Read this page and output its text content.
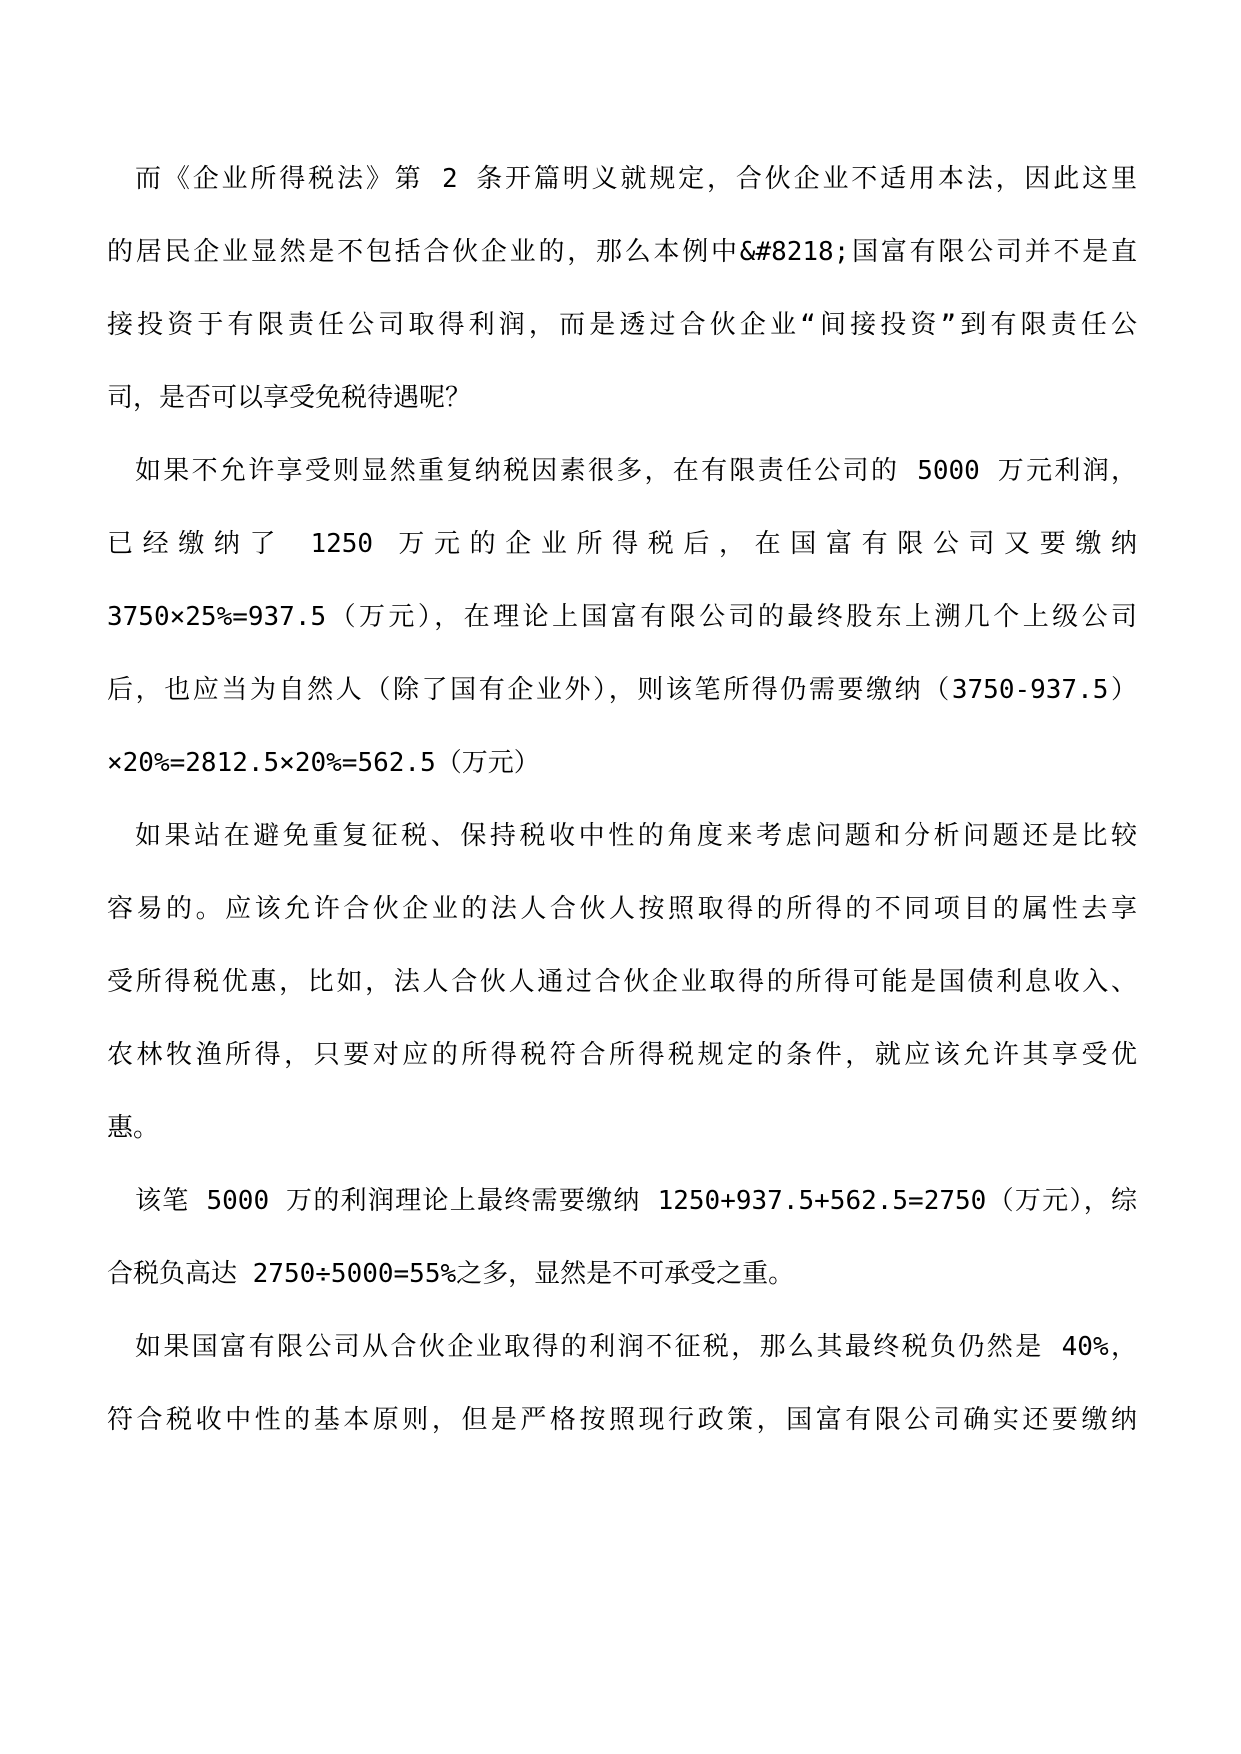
而《企业所得税法》第 2 条开篇明义就规定，合伙企业不适用本法，因此这里
的居民企业显然是不包括合伙企业的，那么本例中&#8218;国富有限公司并不是直
接投资于有限责任公司取得利润，而是透过合伙企业“间接投资”到有限责任公
司，是否可以享受免税待遇呢？
如果不允许享受则显然重复纳税因素很多，在有限责任公司的 5000 万元利润，
已经缴纳了 1250 万元的企业所得税后，在国富有限公司又要缴纳
3750×25%=937.5（万元），在理论上国富有限公司的最终股东上溯几个上级公司
后，也应当为自然人（除了国有企业外），则该笔所得仍需要缴纳（3750-937.5）
×20%=2812.5×20%=562.5（万元）
如果站在避免重复征税、保持税收中性的角度来考虑问题和分析问题还是比较
容易的。应该允许合伙企业的法人合伙人按照取得的所得的不同项目的属性去享
受所得税优惠，比如，法人合伙人通过合伙企业取得的所得可能是国债利息收入、
农林牧渔所得，只要对应的所得税符合所得税规定的条件，就应该允许其享受优
惠。
该笔 5000 万的利润理论上最终需要缴纳 1250+937.5+562.5=2750（万元），综
合税负高达 2750÷5000=55%之多，显然是不可承受之重。
如果国富有限公司从合伙企业取得的利润不征税，那么其最终税负仍然是 40%，
符合税收中性的基本原则，但是严格按照现行政策，国富有限公司确实还要缴纳
